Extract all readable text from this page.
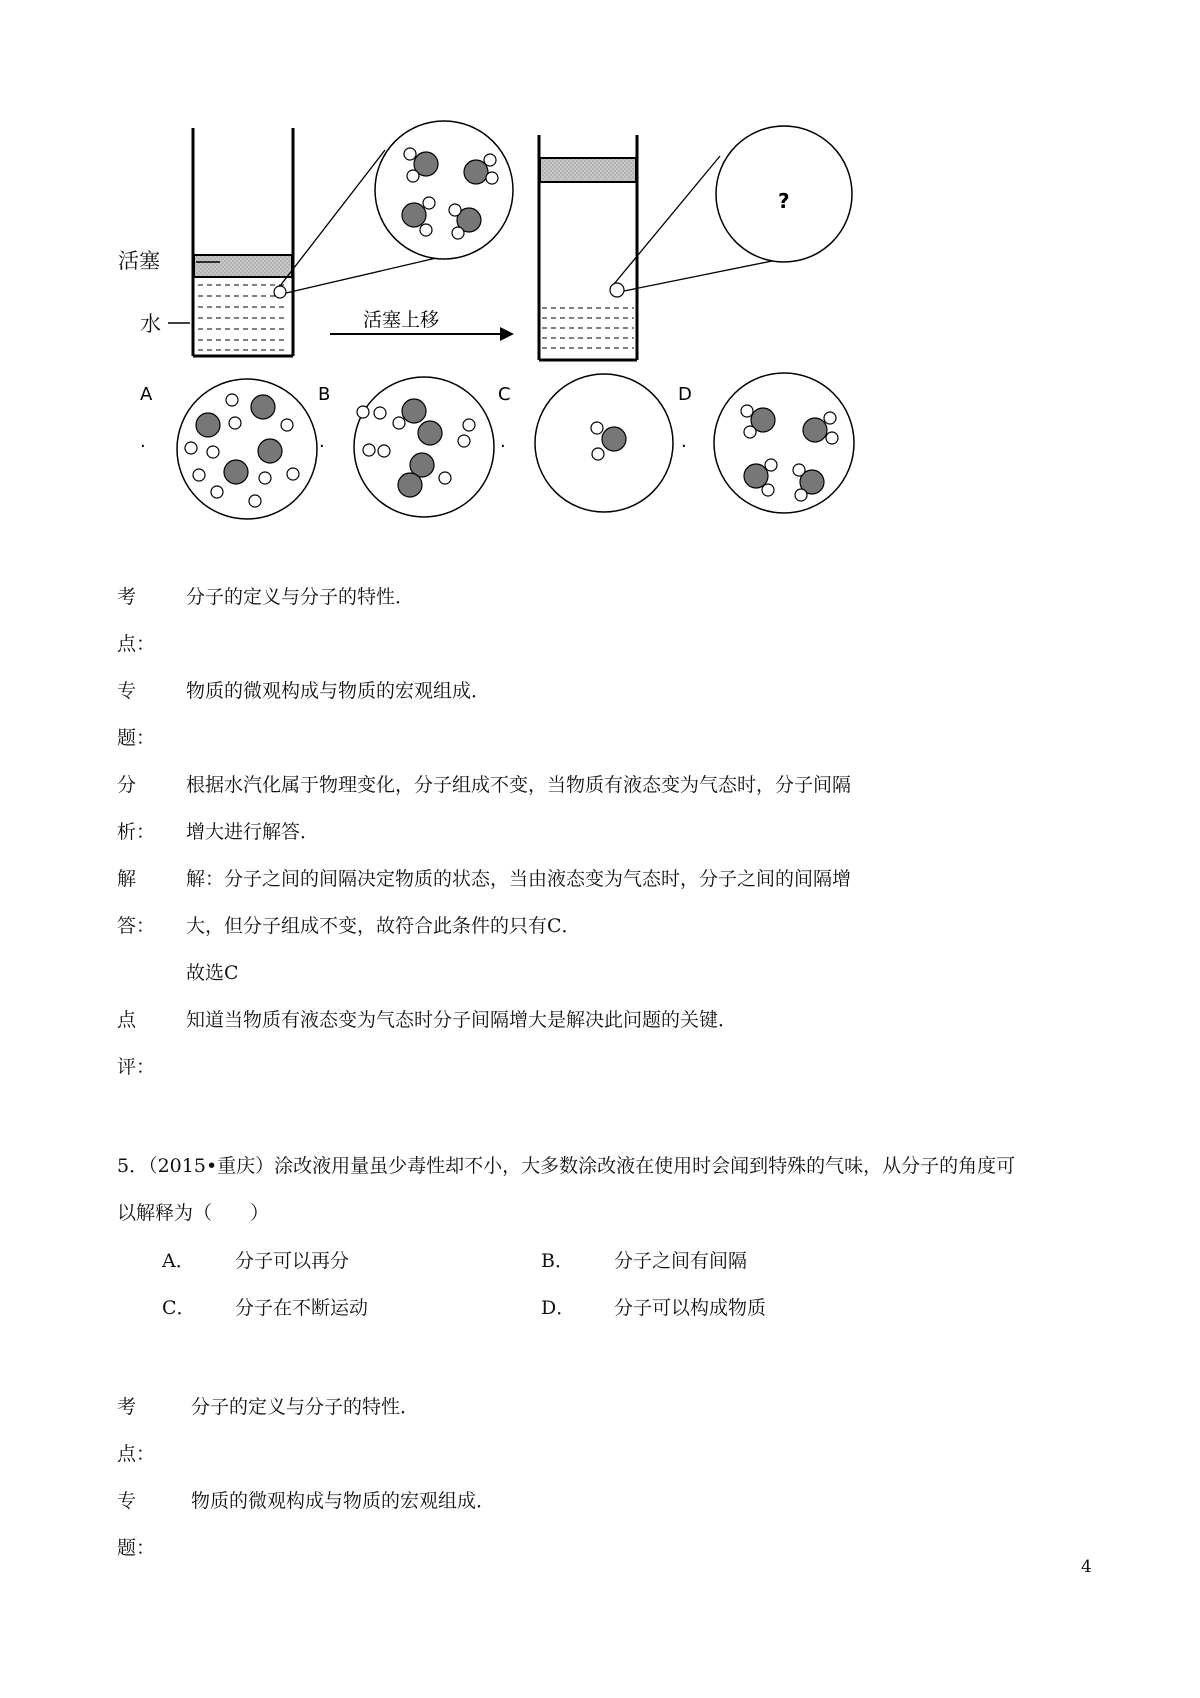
活塞上移
?
A
.
B
.
C
.
D
.
活塞
水
考	分子的定义与分子的特性．
点：
专	物质的微观构成与物质的宏观组成．
题：
分	根据水汽化属于物理变化，分子组成不变，当物质有液态变为气态时，分子间隔
析： 增大进行解答．
解	解：分子之间的间隔决定物质的状态，当由液态变为气态时，分子之间的间隔增
答： 大，但分子组成不变，故符合此条件的只有C．
故选C
点	知道当物质有液态变为气态时分子间隔增大是解决此问题的关键．
评：
5．（2015•重庆）涂改液用量虽少毒性却不小，大多数涂改液在使用时会闻到特殊的气味，从分子的角度可
以解释为（　　）
A． 分子可以再分	B． 分子之间有间隔
C． 分子在不断运动	D． 分子可以构成物质
考	分子的定义与分子的特性．
点：
专	物质的微观构成与物质的宏观组成．
题：
4
